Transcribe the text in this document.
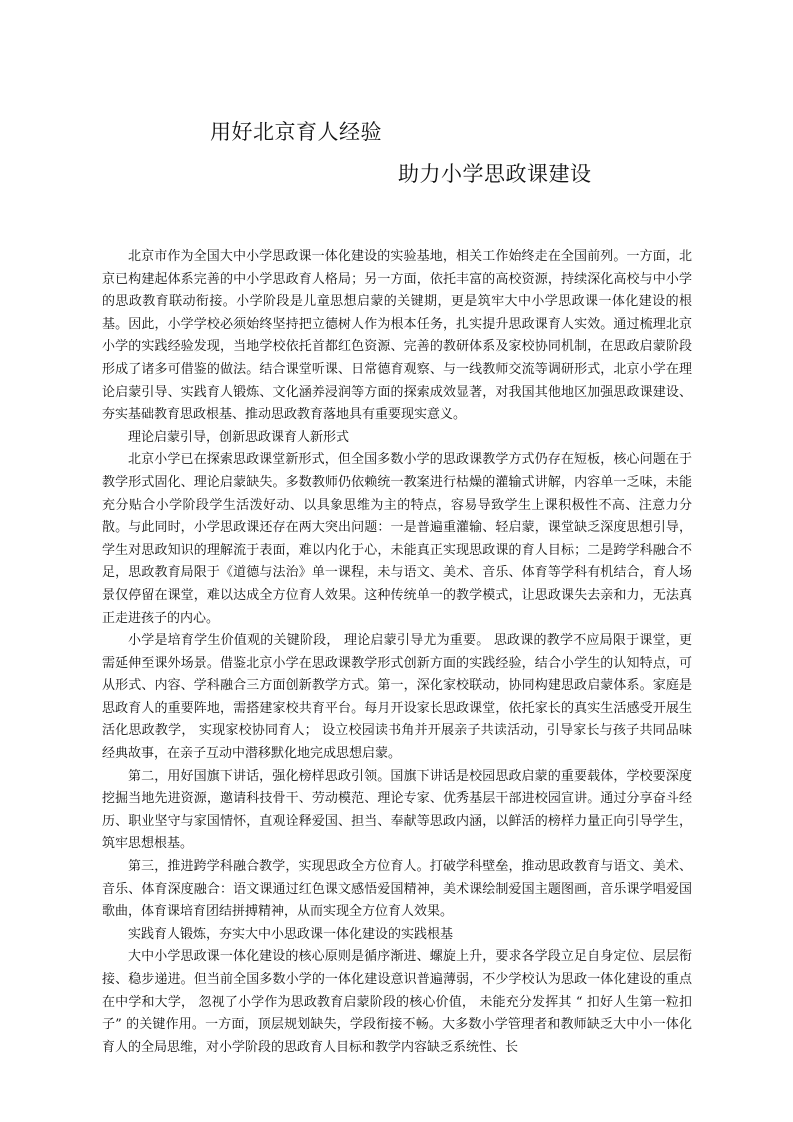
用好北京育人经验
助力小学思政课建设

北京市作为全国大中小学思政课一体化建设的实验基地，相关工作始终走在全国前列。一方面，北京已构建起体系完善的中小学思政育人格局；另一方面，依托丰富的高校资源，持续深化高校与中小学的思政教育联动衔接。小学阶段是儿童思想启蒙的关键期，更是筑牢大中小学思政课一体化建设的根基。因此，小学学校必须始终坚持把立德树人作为根本任务，扎实提升思政课育人实效。通过梳理北京小学的实践经验发现，当地学校依托首都红色资源、完善的教研体系及家校协同机制，在思政启蒙阶段形成了诸多可借鉴的做法。结合课堂听课、日常德育观察、与一线教师交流等调研形式，北京小学在理论启蒙引导、实践育人锻炼、文化涵养浸润等方面的探索成效显著，对我国其他地区加强思政课建设、夯实基础教育思政根基、推动思政教育落地具有重要现实意义。

理论启蒙引导，创新思政课育人新形式

北京小学已在探索思政课堂新形式，但全国多数小学的思政课教学方式仍存在短板，核心问题在于教学形式固化、理论启蒙缺失。多数教师仍依赖统一教案进行枯燥的灌输式讲解，内容单一乏味，未能充分贴合小学阶段学生活泼好动、以具象思维为主的特点，容易导致学生上课积极性不高、注意力分散。与此同时，小学思政课还存在两大突出问题：一是普遍重灌输、轻启蒙，课堂缺乏深度思想引导，学生对思政知识的理解流于表面，难以内化于心，未能真正实现思政课的育人目标；二是跨学科融合不足，思政教育局限于《道德与法治》单一课程，未与语文、美术、音乐、体育等学科有机结合，育人场景仅停留在课堂，难以达成全方位育人效果。这种传统单一的教学模式，让思政课失去亲和力，无法真正走进孩子的内心。

小学是培育学生价值观的关键阶段， 理论启蒙引导尤为重要。 思政课的教学不应局限于课堂，更需延伸至课外场景。借鉴北京小学在思政课教学形式创新方面的实践经验，结合小学生的认知特点，可从形式、内容、学科融合三方面创新教学方式。第一，深化家校联动，协同构建思政启蒙体系。家庭是思政育人的重要阵地，需搭建家校共育平台。每月开设家长思政课堂，依托家长的真实生活感受开展生活化思政教学， 实现家校协同育人； 设立校园读书角并开展亲子共读活动，引导家长与孩子共同品味经典故事，在亲子互动中潜移默化地完成思想启蒙。

第二，用好国旗下讲话，强化榜样思政引领。国旗下讲话是校园思政启蒙的重要载体，学校要深度挖掘当地先进资源，邀请科技骨干、劳动模范、理论专家、优秀基层干部进校园宣讲。通过分享奋斗经历、职业坚守与家国情怀，直观诠释爱国、担当、奉献等思政内涵，以鲜活的榜样力量正向引导学生，筑牢思想根基。

第三，推进跨学科融合教学，实现思政全方位育人。打破学科壁垒，推动思政教育与语文、美术、音乐、体育深度融合：语文课通过红色课文感悟爱国精神，美术课绘制爱国主题图画，音乐课学唱爱国歌曲，体育课培育团结拼搏精神，从而实现全方位育人效果。

实践育人锻炼，夯实大中小思政课一体化建设的实践根基

大中小学思政课一体化建设的核心原则是循序渐进、螺旋上升，要求各学段立足自身定位、层层衔接、稳步递进。但当前全国多数小学的一体化建设意识普遍薄弱，不少学校认为思政一体化建设的重点在中学和大学， 忽视了小学作为思政教育启蒙阶段的核心价值， 未能充分发挥其 “ 扣好人生第一粒扣子” 的关键作用。一方面，顶层规划缺失，学段衔接不畅。大多数小学管理者和教师缺乏大中小一体化育人的全局思维，对小学阶段的思政育人目标和教学内容缺乏系统性、长
